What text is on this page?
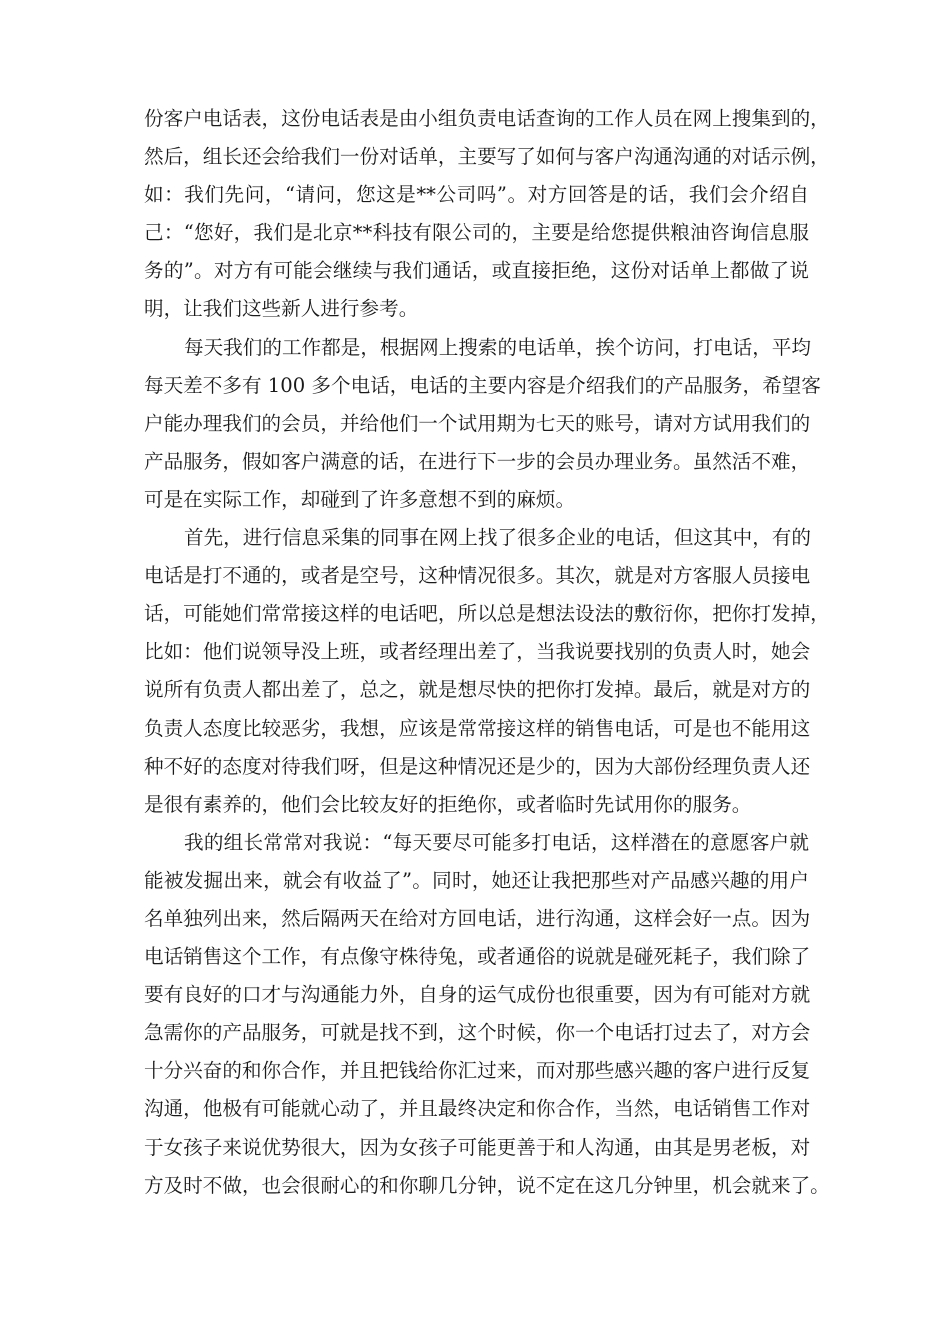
份客户电话表，这份电话表是由小组负责电话查询的工作人员在网上搜集到的，
然后，组长还会给我们一份对话单，主要写了如何与客户沟通沟通的对话示例，
如：我们先问，“请问，您这是**公司吗”。对方回答是的话，我们会介绍自
己：“您好，我们是北京**科技有限公司的，主要是给您提供粮油咨询信息服
务的”。对方有可能会继续与我们通话，或直接拒绝，这份对话单上都做了说
明，让我们这些新人进行参考。
每天我们的工作都是，根据网上搜索的电话单，挨个访问，打电话，平均
每天差不多有 100 多个电话，电话的主要内容是介绍我们的产品服务，希望客
户能办理我们的会员，并给他们一个试用期为七天的账号，请对方试用我们的
产品服务，假如客户满意的话，在进行下一步的会员办理业务。虽然活不难，
可是在实际工作，却碰到了许多意想不到的麻烦。
首先，进行信息采集的同事在网上找了很多企业的电话，但这其中，有的
电话是打不通的，或者是空号，这种情况很多。其次，就是对方客服人员接电
话，可能她们常常接这样的电话吧，所以总是想法设法的敷衍你，把你打发掉，
比如：他们说领导没上班，或者经理出差了，当我说要找别的负责人时，她会
说所有负责人都出差了，总之，就是想尽快的把你打发掉。最后，就是对方的
负责人态度比较恶劣，我想，应该是常常接这样的销售电话，可是也不能用这
种不好的态度对待我们呀，但是这种情况还是少的，因为大部份经理负责人还
是很有素养的，他们会比较友好的拒绝你，或者临时先试用你的服务。
我的组长常常对我说：“每天要尽可能多打电话，这样潜在的意愿客户就
能被发掘出来，就会有收益了”。同时，她还让我把那些对产品感兴趣的用户
名单独列出来，然后隔两天在给对方回电话，进行沟通，这样会好一点。因为
电话销售这个工作，有点像守株待兔，或者通俗的说就是碰死耗子，我们除了
要有良好的口才与沟通能力外，自身的运气成份也很重要，因为有可能对方就
急需你的产品服务，可就是找不到，这个时候，你一个电话打过去了，对方会
十分兴奋的和你合作，并且把钱给你汇过来，而对那些感兴趣的客户进行反复
沟通，他极有可能就心动了，并且最终决定和你合作，当然，电话销售工作对
于女孩子来说优势很大，因为女孩子可能更善于和人沟通，由其是男老板，对
方及时不做，也会很耐心的和你聊几分钟，说不定在这几分钟里，机会就来了。
